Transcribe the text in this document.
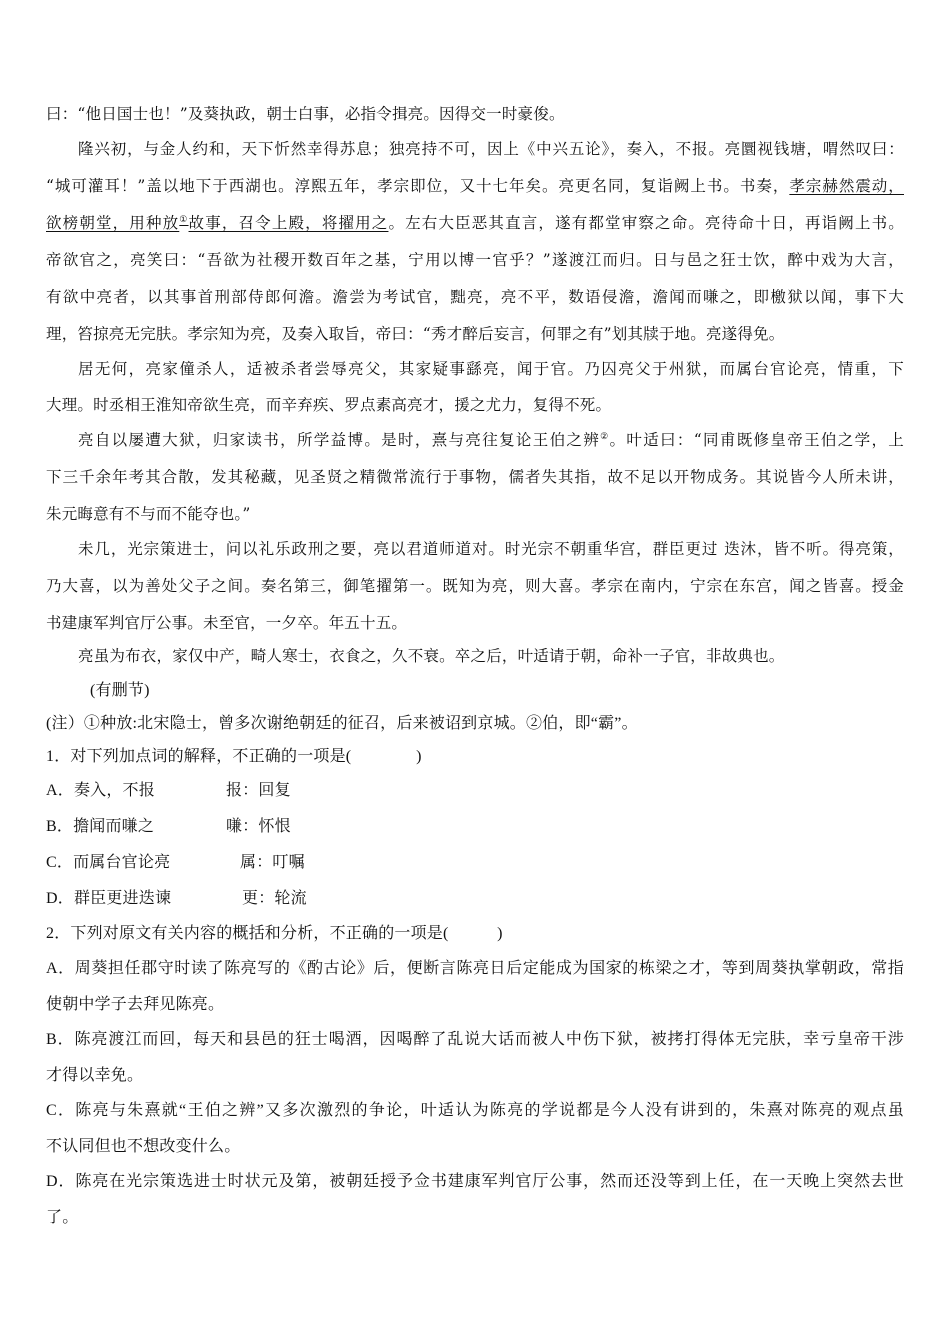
曰：“他日国士也！”及葵执政，朝士白事，必指令揖亮。因得交一时豪俊。
隆兴初，与金人约和，天下忻然幸得苏息；独亮持不可，因上《中兴五论》，奏入，不报。亮圜视钱塘，喟然叹曰：
“城可灌耳！”盖以地下于西湖也。淳熙五年，孝宗即位，又十七年矣。亮更名同，复诣阙上书。书奏，孝宗赫然震动，
欲榜朝堂，用种放①故事，召令上殿，将擢用之。左右大臣恶其直言，遂有都堂审察之命。亮待命十日，再诣阙上书。
帝欲官之，亮笑曰：“吾欲为社稷开数百年之基，宁用以博一官乎？”遂渡江而归。日与邑之狂士饮，醉中戏为大言，
有欲中亮者，以其事首刑部侍郎何澹。澹尝为考试官，黜亮，亮不平，数语侵澹，澹闻而嗛之，即檄狱以闻，事下大
理，笞掠亮无完肤。孝宗知为亮，及奏入取旨，帝曰：“秀才醉后妄言，何罪之有”划其牍于地。亮遂得免。
居无何，亮家僮杀人，适被杀者尝辱亮父，其家疑事繇亮，闻于官。乃囚亮父于州狱，而属台官论亮，情重，下
大理。时丞相王淮知帝欲生亮，而辛弃疾、罗点素高亮才，援之尤力，复得不死。
亮自以屡遭大狱，归家读书，所学益博。是时，熹与亮往复论王伯之辨②。叶适曰：“同甫既修皇帝王伯之学，上
下三千余年考其合散，发其秘藏，见圣贤之精微常流行于事物，儒者失其指，故不足以开物成务。其说皆今人所未讲，
朱元晦意有不与而不能夺也。”
未几，光宗策进士，问以礼乐政刑之要，亮以君道师道对。时光宗不朝重华宫，群臣更过 迭沐，皆不听。得亮策，
乃大喜，以为善处父子之间。奏名第三，御笔擢第一。既知为亮，则大喜。孝宗在南内，宁宗在东宫，闻之皆喜。授金
书建康军判官厅公事。未至官，一夕卒。年五十五。
亮虽为布衣，家仅中产，畸人寒士，衣食之，久不衰。卒之后，叶适请于朝，命补一子官，非故典也。
(有删节)
(注）①种放:北宋隐士，曾多次谢绝朝廷的征召，后来被诏到京城。②伯，即“霸”。
1．对下列加点词的解释，不正确的一项是(　　　　)
A．奏入，不报	报：回复
B．擔闻而嗛之	嗛：怀恨
C．而属台官论亮	属：叮嘱
D．群臣更进迭谏	更：轮流
2．下列对原文有关内容的概括和分析，不正确的一项是(　　　)
A．周葵担任郡守时读了陈亮写的《酌古论》后，便断言陈亮日后定能成为国家的栋梁之才，等到周葵执掌朝政，常指
使朝中学子去拜见陈亮。
B．陈亮渡江而回，每天和县邑的狂士喝酒，因喝醉了乱说大话而被人中伤下狱，被拷打得体无完肤，幸亏皇帝干涉
才得以幸免。
C．陈亮与朱熹就“王伯之辨”又多次激烈的争论，叶适认为陈亮的学说都是今人没有讲到的，朱熹对陈亮的观点虽
不认同但也不想改变什么。
D．陈亮在光宗策选进士时状元及第，被朝廷授予佥书建康军判官厅公事，然而还没等到上任，在一天晚上突然去世
了。
